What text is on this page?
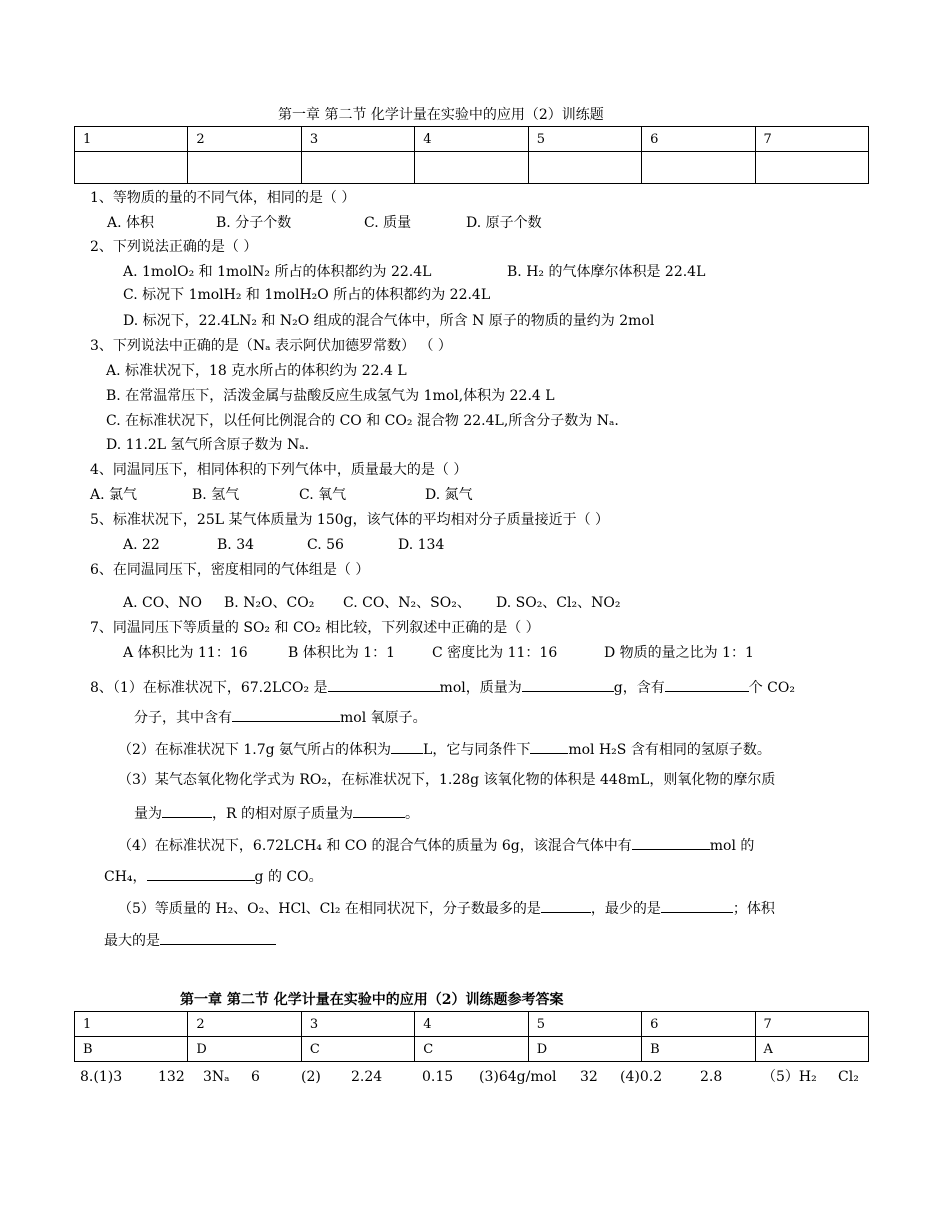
第一章 第二节 化学计量在实验中的应用（2）训练题
1	2	3	4	5	6	7

1、等物质的量的不同气体，相同的是（ ）
A. 体积	B. 分子个数	C. 质量	D. 原子个数
2、下列说法正确的是（ ）
A. 1molO₂ 和 1molN₂ 所占的体积都约为 22.4L	B. H₂ 的气体摩尔体积是 22.4L
C. 标况下 1molH₂ 和 1molH₂O 所占的体积都约为 22.4L
D. 标况下，22.4LN₂ 和 N₂O 组成的混合气体中，所含 N 原子的物质的量约为 2mol
3、下列说法中正确的是（Nₐ 表示阿伏加德罗常数） （ ）
A. 标准状况下，18 克水所占的体积约为 22.4 L
B. 在常温常压下，活泼金属与盐酸反应生成氢气为 1mol,体积为 22.4 L
C. 在标准状况下，以任何比例混合的 CO 和 CO₂ 混合物 22.4L,所含分子数为 Nₐ.
D. 11.2L 氢气所含原子数为 Nₐ.
4、同温同压下，相同体积的下列气体中，质量最大的是（ ）
A. 氯气	B. 氢气	C. 氧气	D. 氮气
5、标准状况下，25L 某气体质量为 150g，该气体的平均相对分子质量接近于（ ）
A. 22	B. 34	C. 56	D. 134
6、在同温同压下，密度相同的气体组是（ ）
A. CO、NO B. N₂O、CO₂ C. CO、N₂、SO₂、 D. SO₂、Cl₂、NO₂
7、同温同压下等质量的 SO₂ 和 CO₂ 相比较，下列叙述中正确的是（ ）
A 体积比为 11：16	B 体积比为 1：1	C 密度比为 11：16	D 物质的量之比为 1：1
8、（1）在标准状况下，67.2LCO₂ 是	mol，质量为	g，含有	个 CO₂
分子，其中含有	mol 氧原子。
（2）在标准状况下 1.7g 氨气所占的体积为 L，它与同条件下	mol H₂S 含有相同的氢原子数。
（3）某气态氧化物化学式为 RO₂，在标准状况下，1.28g 该氧化物的体积是 448mL，则氧化物的摩尔质
量为	，R 的相对原子质量为	。
（4）在标准状况下，6.72LCH₄ 和 CO 的混合气体的质量为 6g，该混合气体中有	mol 的
CH₄，	g 的 CO。
（5）等质量的 H₂、O₂、HCl、Cl₂ 在相同状况下，分子数最多的是	，最少的是	；体积
最大的是
第一章 第二节 化学计量在实验中的应用（2）训练题参考答案
1	2	3	4	5	6	7
B	D	C	C	D	B	A
8.(1)3	132 3Nₐ 6	(2) 2.24	0.15 (3)64g/mol 32 (4)0.2	2.8	（5）H₂ Cl₂
